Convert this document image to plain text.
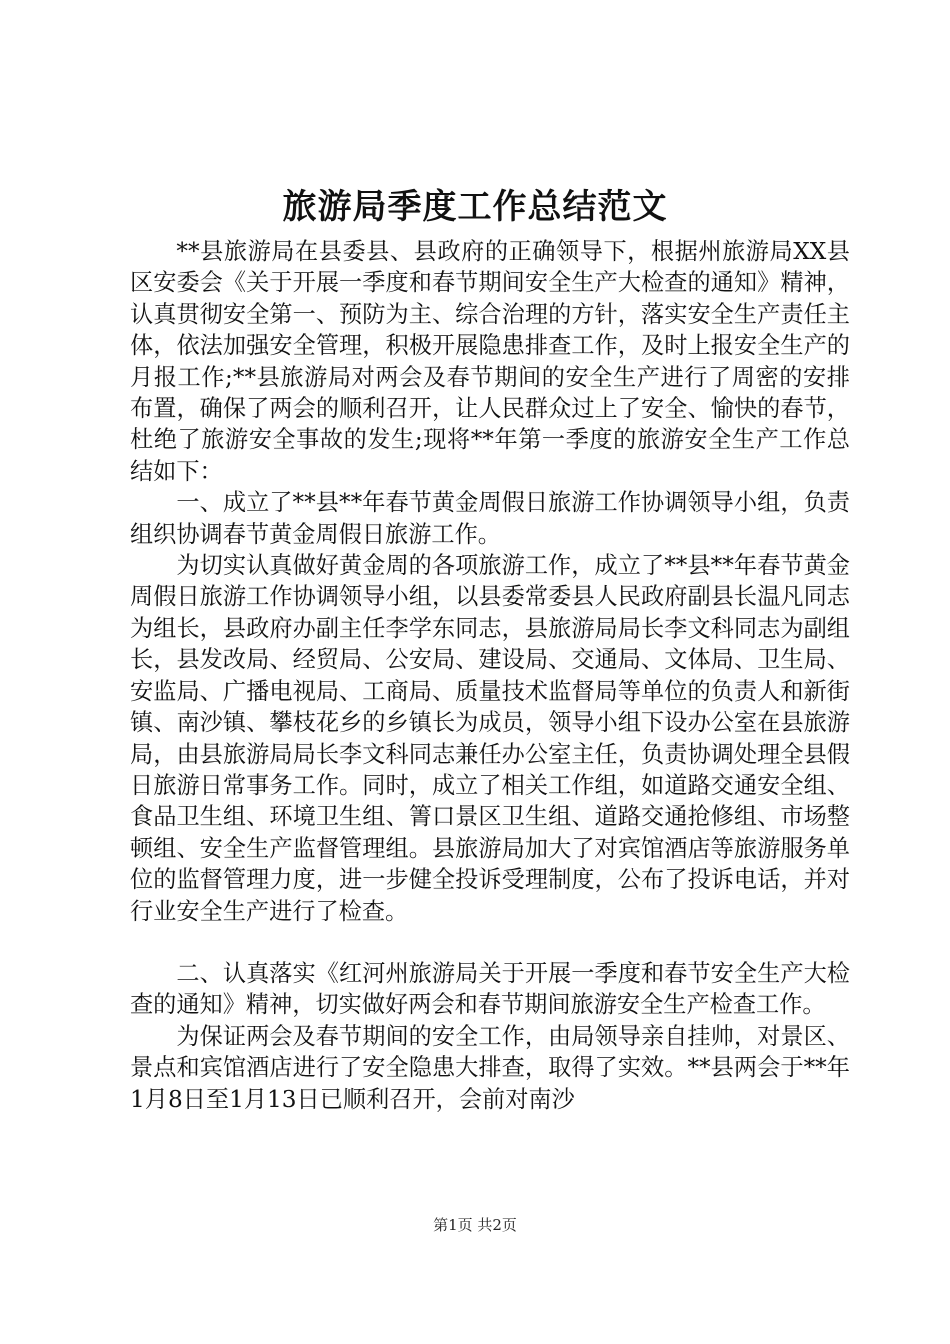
旅游局季度工作总结范文

**县旅游局在县委县、县政府的正确领导下，根据州旅游局XX县区安委会《关于开展一季度和春节期间安全生产大检查的通知》精神，认真贯彻安全第一、预防为主、综合治理的方针，落实安全生产责任主体，依法加强安全管理，积极开展隐患排查工作，及时上报安全生产的月报工作;**县旅游局对两会及春节期间的安全生产进行了周密的安排布置，确保了两会的顺利召开，让人民群众过上了安全、愉快的春节，杜绝了旅游安全事故的发生;现将**年第一季度的旅游安全生产工作总结如下：

一、成立了**县**年春节黄金周假日旅游工作协调领导小组，负责组织协调春节黄金周假日旅游工作。

为切实认真做好黄金周的各项旅游工作，成立了**县**年春节黄金周假日旅游工作协调领导小组，以县委常委县人民政府副县长温凡同志为组长，县政府办副主任李学东同志，县旅游局局长李文科同志为副组长，县发改局、经贸局、公安局、建设局、交通局、文体局、卫生局、安监局、广播电视局、工商局、质量技术监督局等单位的负责人和新街镇、南沙镇、攀枝花乡的乡镇长为成员，领导小组下设办公室在县旅游局，由县旅游局局长李文科同志兼任办公室主任，负责协调处理全县假日旅游日常事务工作。同时，成立了相关工作组，如道路交通安全组、食品卫生组、环境卫生组、箐口景区卫生组、道路交通抢修组、市场整顿组、安全生产监督管理组。县旅游局加大了对宾馆酒店等旅游服务单位的监督管理力度，进一步健全投诉受理制度，公布了投诉电话，并对行业安全生产进行了检查。

二、认真落实《红河州旅游局关于开展一季度和春节安全生产大检查的通知》精神，切实做好两会和春节期间旅游安全生产检查工作。

为保证两会及春节期间的安全工作，由局领导亲自挂帅，对景区、景点和宾馆酒店进行了安全隐患大排查，取得了实效。**县两会于**年1月8日至1月13日已顺利召开，会前对南沙

第1页 共2页
